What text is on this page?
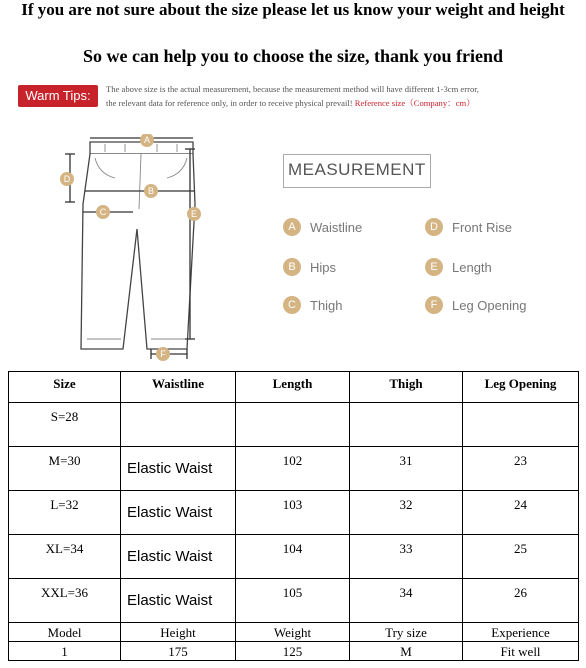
If you are not sure about the size please let us know your weight and height
So we can help you to choose the size, thank you friend
Warm Tips:	The above size is the actual measurement, because the measurement method will have different 1-3cm error,
the relevant data for reference only, in order to receive physical prevail! Reference size（Company：cm）
A
B
C
D
E
F
MEASUREMENT
A	Waistline	D	Front Rise
B	Hips	E	Length
C	Thigh	F	Leg Opening
Size	Waistline	Length	Thigh	Leg Opening
S=28				
M=30	Elastic Waist	102	31	23
L=32	Elastic Waist	103	32	24
XL=34	Elastic Waist	104	33	25
XXL=36	Elastic Waist	105	34	26
Model	Height	Weight	Try size	Experience
1	175	125	M	Fit well
